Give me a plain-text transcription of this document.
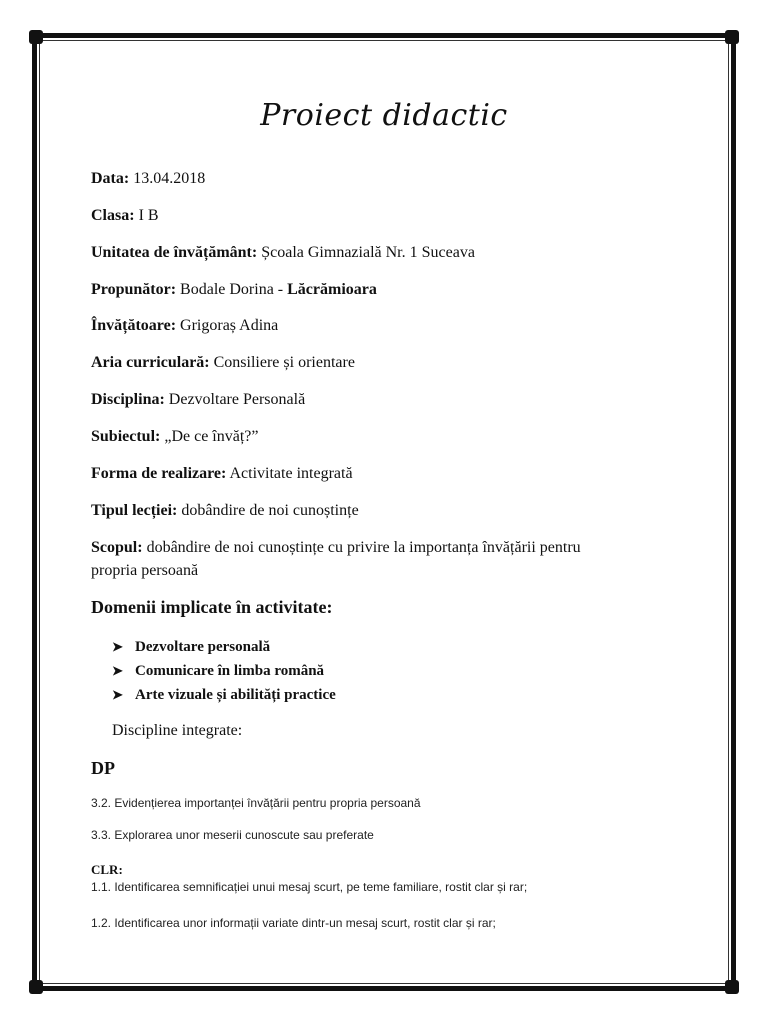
Proiect didactic
Data: 13.04.2018
Clasa: I B
Unitatea de învățământ: Școala Gimnazială Nr. 1 Suceava
Propunător: Bodale Dorina - Lăcrămioara
Învățătoare: Grigoraș Adina
Aria curriculară: Consiliere și orientare
Disciplina: Dezvoltare Personală
Subiectul: „De ce învăț?”
Forma de realizare: Activitate integrată
Tipul lecției: dobândire de noi cunoștințe
Scopul: dobândire de noi cunoștințe cu privire la importanța învățării pentru
propria persoană
Domenii implicate în activitate:
➤ Dezvoltare personală
➤ Comunicare în limba română
➤ Arte vizuale și abilități practice
Discipline integrate:
DP
3.2. Evidențierea importanței învățării pentru propria persoană
3.3. Explorarea unor meserii cunoscute sau preferate
CLR:
1.1. Identificarea semnificației unui mesaj scurt, pe teme familiare, rostit clar și rar;
1.2. Identificarea unor informații variate dintr-un mesaj scurt, rostit clar și rar;
